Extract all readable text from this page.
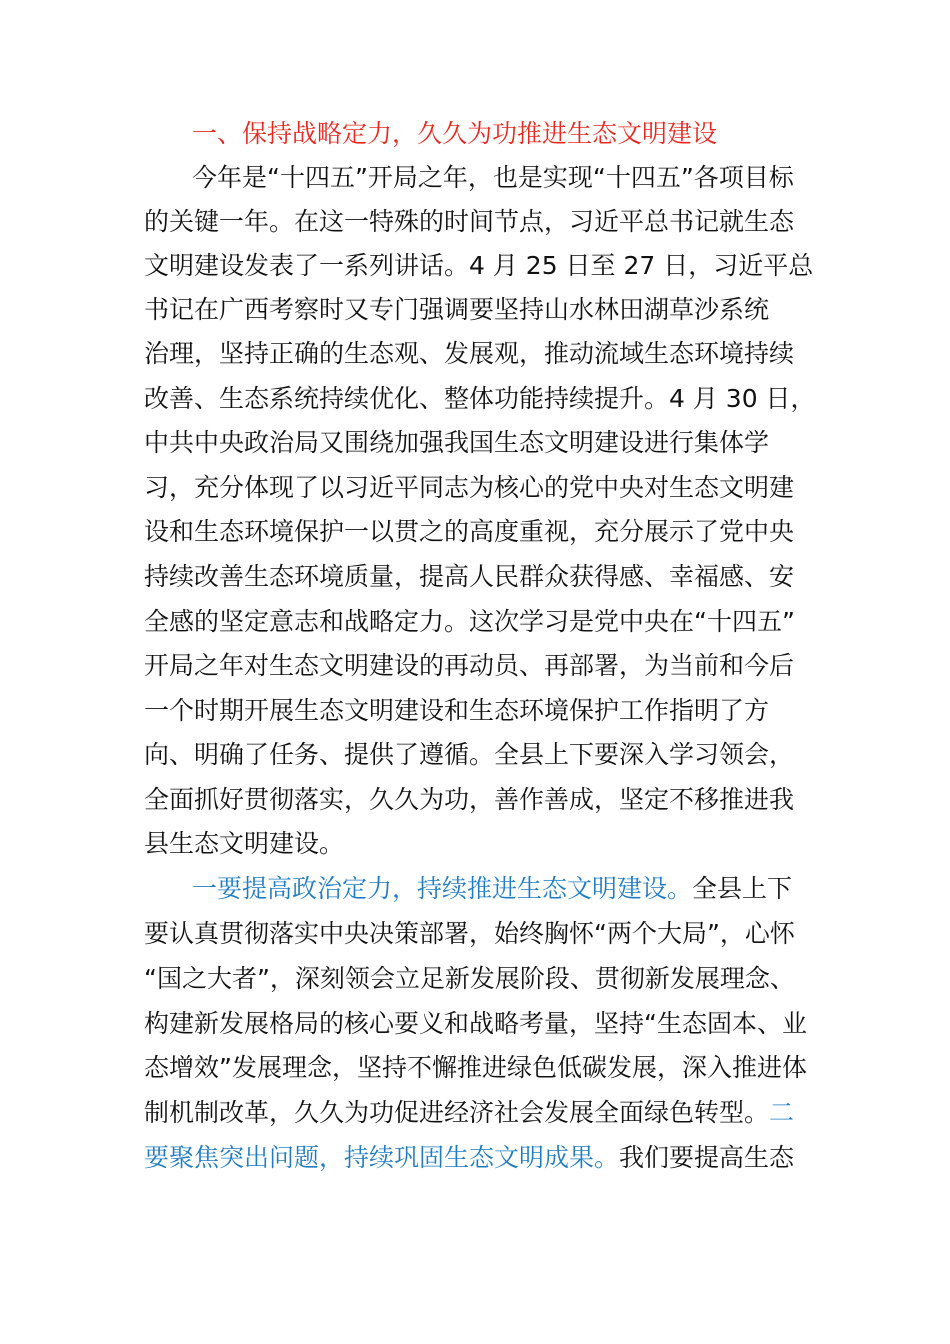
一、保持战略定力，久久为功推进生态文明建设
今年是“十四五”开局之年，也是实现“十四五”各项目标
的关键一年。在这一特殊的时间节点，习近平总书记就生态
文明建设发表了一系列讲话。4 月 25 日至 27 日，习近平总
书记在广西考察时又专门强调要坚持山水林田湖草沙系统
治理，坚持正确的生态观、发展观，推动流域生态环境持续
改善、生态系统持续优化、整体功能持续提升。4 月 30 日，
中共中央政治局又围绕加强我国生态文明建设进行集体学
习，充分体现了以习近平同志为核心的党中央对生态文明建
设和生态环境保护一以贯之的高度重视，充分展示了党中央
持续改善生态环境质量，提高人民群众获得感、幸福感、安
全感的坚定意志和战略定力。这次学习是党中央在“十四五”
开局之年对生态文明建设的再动员、再部署，为当前和今后
一个时期开展生态文明建设和生态环境保护工作指明了方
向、明确了任务、提供了遵循。全县上下要深入学习领会，
全面抓好贯彻落实，久久为功，善作善成，坚定不移推进我
县生态文明建设。
一要提高政治定力，持续推进生态文明建设。全县上下
要认真贯彻落实中央决策部署，始终胸怀“两个大局”，心怀
“国之大者”，深刻领会立足新发展阶段、贯彻新发展理念、
构建新发展格局的核心要义和战略考量，坚持“生态固本、业
态增效”发展理念，坚持不懈推进绿色低碳发展，深入推进体
制机制改革，久久为功促进经济社会发展全面绿色转型。二
要聚焦突出问题，持续巩固生态文明成果。我们要提高生态
